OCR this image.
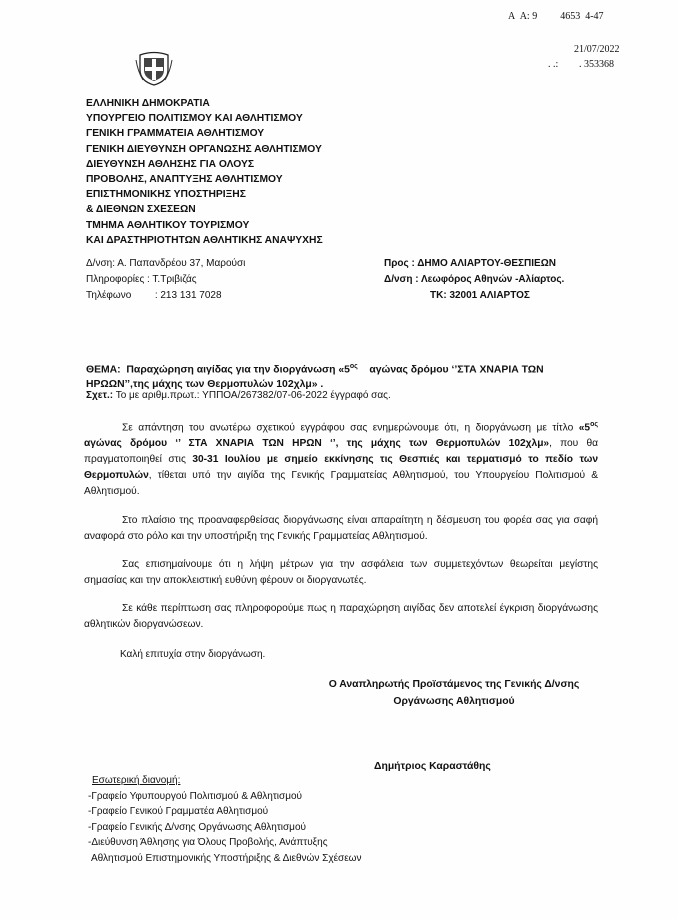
Α Α: 9 4653 4-47
21/07/2022
. .: . 353368
ΕΛΛΗΝΙΚΗ ΔΗΜΟΚΡΑΤΙΑ
ΥΠΟΥΡΓΕΙΟ ΠΟΛΙΤΙΣΜΟΥ ΚΑΙ ΑΘΛΗΤΙΣΜΟΥ
ΓΕΝΙΚΗ ΓΡΑΜΜΑΤΕΙΑ ΑΘΛΗΤΙΣΜΟΥ
ΓΕΝΙΚΗ ΔΙΕΥΘΥΝΣΗ ΟΡΓΑΝΩΣΗΣ ΑΘΛΗΤΙΣΜΟΥ
ΔΙΕΥΘΥΝΣΗ ΑΘΛΗΣΗΣ ΓΙΑ ΟΛΟΥΣ
ΠΡΟΒΟΛΗΣ, ΑΝΑΠΤΥΞΗΣ ΑΘΛΗΤΙΣΜΟΥ
ΕΠΙΣΤΗΜΟΝΙΚΗΣ ΥΠΟΣΤΗΡΙΞΗΣ
& ΔΙΕΘΝΩΝ ΣΧΕΣΕΩΝ
ΤΜΗΜΑ ΑΘΛΗΤΙΚΟΥ ΤΟΥΡΙΣΜΟΥ
ΚΑΙ ΔΡΑΣΤΗΡΙΟΤΗΤΩΝ ΑΘΛΗΤΙΚΗΣ ΑΝΑΨΥΧΗΣ
Δ/νση: Α. Παπανδρέου 37, Μαρούσι
Πληροφορίες : Τ.Τριβιζάς
Τηλέφωνο : 213 131 7028
Προς : ΔΗΜΟ ΑΛΙΑΡΤΟΥ-ΘΕΣΠΙΕΩΝ
Δ/νση : Λεωφόρος Αθηνών -Αλίαρτος.
ΤΚ: 32001 ΑΛΙΑΡΤΟΣ
ΘΕΜΑ: Παραχώρηση αιγίδας για την διοργάνωση «$5^{o\varsigma}$ αγώνας δρόμου ‘’ΣΤΑ ΧΝΑΡΙΑ ΤΩΝ
ΗΡΩΩΝ’’,της μάχης των Θερμοπυλών 102χλμ» .
Σχετ.: Το με αριθμ.πρωτ.: ΥΠΠΟΑ/267382/07-06-2022 έγγραφό σας.
Σε απάντηση του ανωτέρω σχετικού εγγράφου σας ενημερώνουμε ότι, η διοργάνωση με τίτλο «$5^{o\varsigma}$ αγώνας δρόμου ‘’ ΣΤΑ ΧΝΑΡΙΑ ΤΩΝ ΗΡΩΝ ‘’, της μάχης των Θερμοπυλών 102χλμ», που θα πραγματοποιηθεί στις 30-31 Ιουλίου με σημείο εκκίνησης τις Θεσπιές και τερματισμό το πεδίο των Θερμοπυλών, τίθεται υπό την αιγίδα της Γενικής Γραμματείας Αθλητισμού, του Υπουργείου Πολιτισμού & Αθλητισμού.
Στο πλαίσιο της προαναφερθείσας διοργάνωσης είναι απαραίτητη η δέσμευση του φορέα σας για σαφή αναφορά στο ρόλο και την υποστήριξη της Γενικής Γραμματείας Αθλητισμού.
Σας επισημαίνουμε ότι η λήψη μέτρων για την ασφάλεια των συμμετεχόντων θεωρείται μεγίστης σημασίας και την αποκλειστική ευθύνη φέρουν οι διοργανωτές.
Σε κάθε περίπτωση σας πληροφορούμε πως η παραχώρηση αιγίδας δεν αποτελεί έγκριση διοργάνωσης αθλητικών διοργανώσεων.
Καλή επιτυχία στην διοργάνωση.
Ο Αναπληρωτής Προϊστάμενος της Γενικής Δ/νσης
Οργάνωσης Αθλητισμού
Δημήτριος Καραστάθης
Εσωτερική διανομή:
-Γραφείο Υφυπουργού Πολιτισμού & Αθλητισμού
-Γραφείο Γενικού Γραμματέα Αθλητισμού
-Γραφείο Γενικής Δ/νσης Οργάνωσης Αθλητισμού
-Διεύθυνση Άθλησης για Όλους Προβολής, Ανάπτυξης
Αθλητισμού Επιστημονικής Υποστήριξης & Διεθνών Σχέσεων
